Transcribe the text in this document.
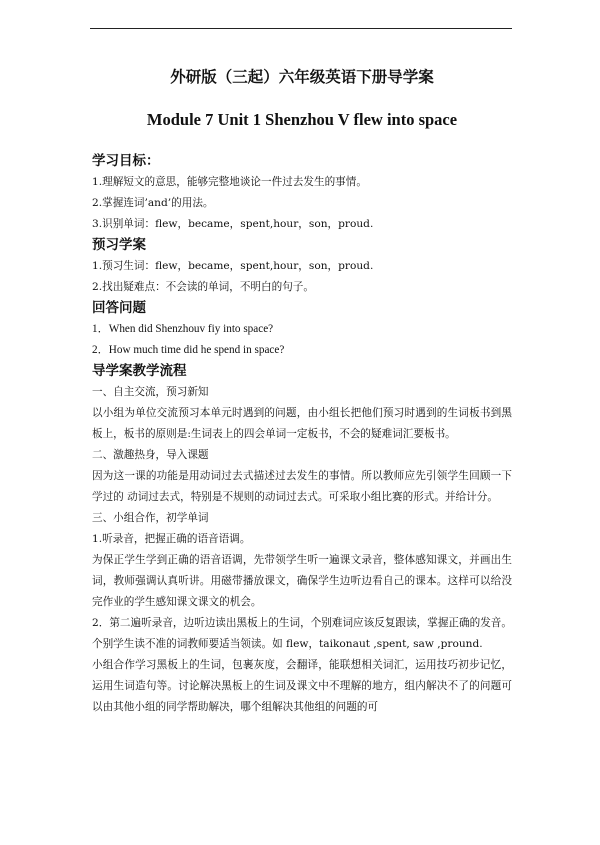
外研版（三起）六年级英语下册导学案
Module 7 Unit 1 Shenzhou V flew into space
学习目标：

1.理解短文的意思，能够完整地谈论一件过去发生的事情。

2.掌握连词’and’的用法。

3.识别单词：flew，became，spent,hour，son，proud.

预习学案

1.预习生词：flew，became，spent,hour，son，proud.

2.找出疑难点：不会读的单词，不明白的句子。

回答问题

1．When did Shenzhouv fiy into space?

2．How much time did he spend in space?

导学案教学流程

一、自主交流，预习新知

以小组为单位交流预习本单元时遇到的问题，由小组长把他们预习时遇到的生词板书到黑板上，板书的原则是:生词表上的四会单词一定板书，不会的疑难词汇要板书。

二、激趣热身，导入课题

因为这一课的功能是用动词过去式描述过去发生的事情。所以教师应先引领学生回顾一下学过的 动词过去式，特别是不规则的动词过去式。可采取小组比赛的形式。并给计分。

三、小组合作，初学单词

1.听录音，把握正确的语音语调。

为保正学生学到正确的语音语调，先带领学生听一遍课文录音，整体感知课文，并画出生词，教师强调认真听讲。用磁带播放课文，确保学生边听边看自己的课本。这样可以给没完作业的学生感知课文课文的机会。

2．第二遍听录音，边听边读出黑板上的生词，个别难词应该反复跟读，掌握正确的发音。个别学生读不准的词教师要适当领读。如 flew，taikonaut ,spent, saw ,pround.

小组合作学习黑板上的生词，包裹灰度，会翻译，能联想相关词汇，运用技巧初步记忆，运用生词造句等。讨论解决黑板上的生词及课文中不理解的地方，组内解决不了的问题可以由其他小组的同学帮助解决，哪个组解决其他组的问题的可
